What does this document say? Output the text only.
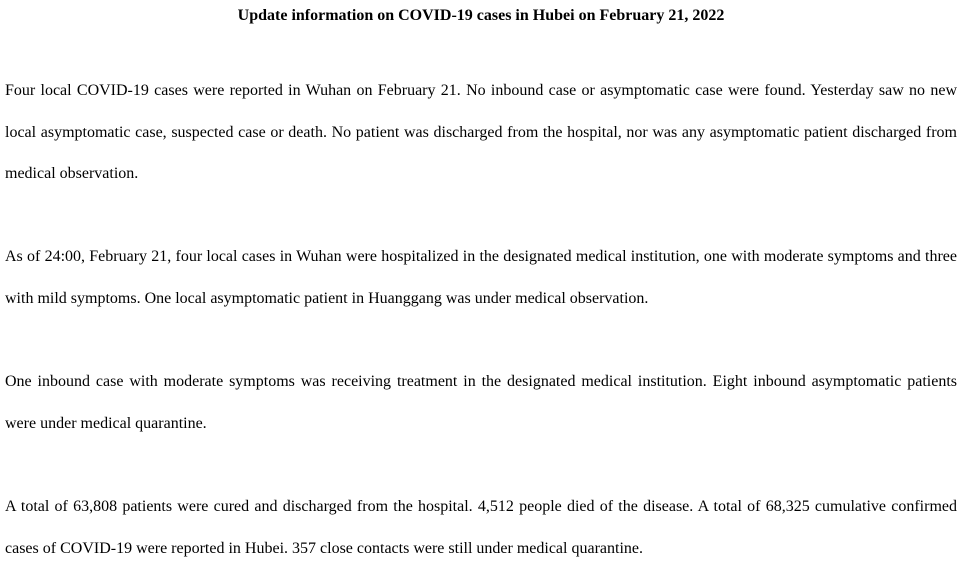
Update information on COVID-19 cases in Hubei on February 21, 2022

Four local COVID-19 cases were reported in Wuhan on February 21. No inbound case or asymptomatic case were found. Yesterday saw no new local asymptomatic case, suspected case or death. No patient was discharged from the hospital, nor was any asymptomatic patient discharged from medical observation.

As of 24:00, February 21, four local cases in Wuhan were hospitalized in the designated medical institution, one with moderate symptoms and three with mild symptoms. One local asymptomatic patient in Huanggang was under medical observation.

One inbound case with moderate symptoms was receiving treatment in the designated medical institution. Eight inbound asymptomatic patients were under medical quarantine.

A total of 63,808 patients were cured and discharged from the hospital. 4,512 people died of the disease. A total of 68,325 cumulative confirmed cases of COVID-19 were reported in Hubei. 357 close contacts were still under medical quarantine.
